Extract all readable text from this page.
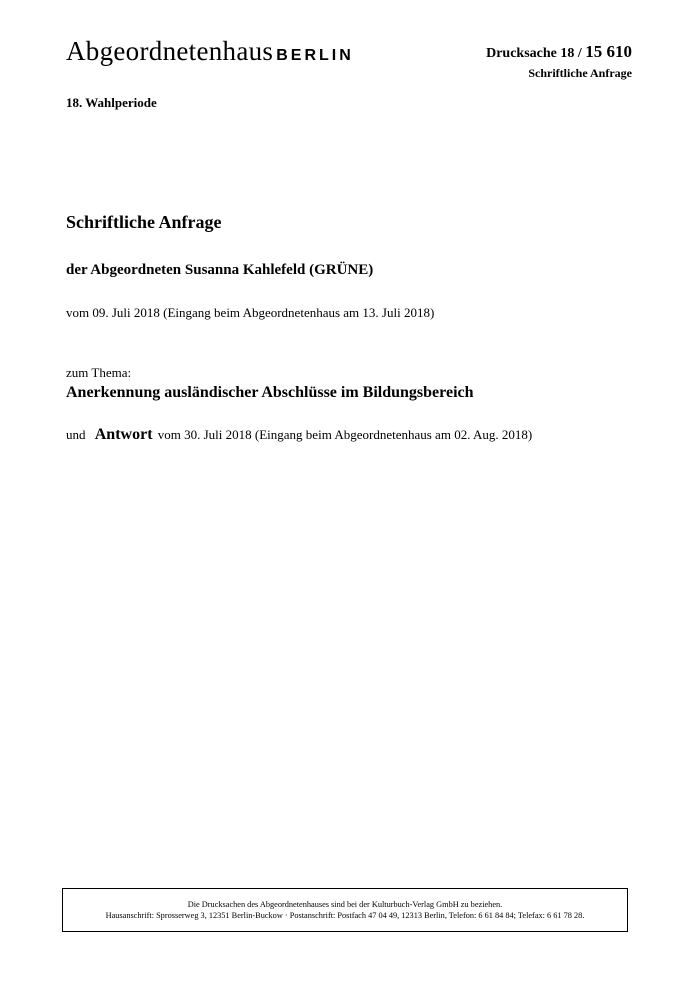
Abgeordnetenhaus BERLIN	Drucksache 18 / 15 610
Schriftliche Anfrage
18. Wahlperiode
Schriftliche Anfrage
der Abgeordneten Susanna Kahlefeld (GRÜNE)
vom 09. Juli 2018 (Eingang beim Abgeordnetenhaus am 13. Juli 2018)
zum Thema:
Anerkennung ausländischer Abschlüsse im Bildungsbereich
und Antwort vom 30. Juli 2018 (Eingang beim Abgeordnetenhaus am 02. Aug. 2018)
Die Drucksachen des Abgeordnetenhauses sind bei der Kulturbuch-Verlag GmbH zu beziehen.
Hausanschrift: Sprosserweg 3, 12351 Berlin-Buckow · Postanschrift: Postfach 47 04 49, 12313 Berlin, Telefon: 6 61 84 84; Telefax: 6 61 78 28.
